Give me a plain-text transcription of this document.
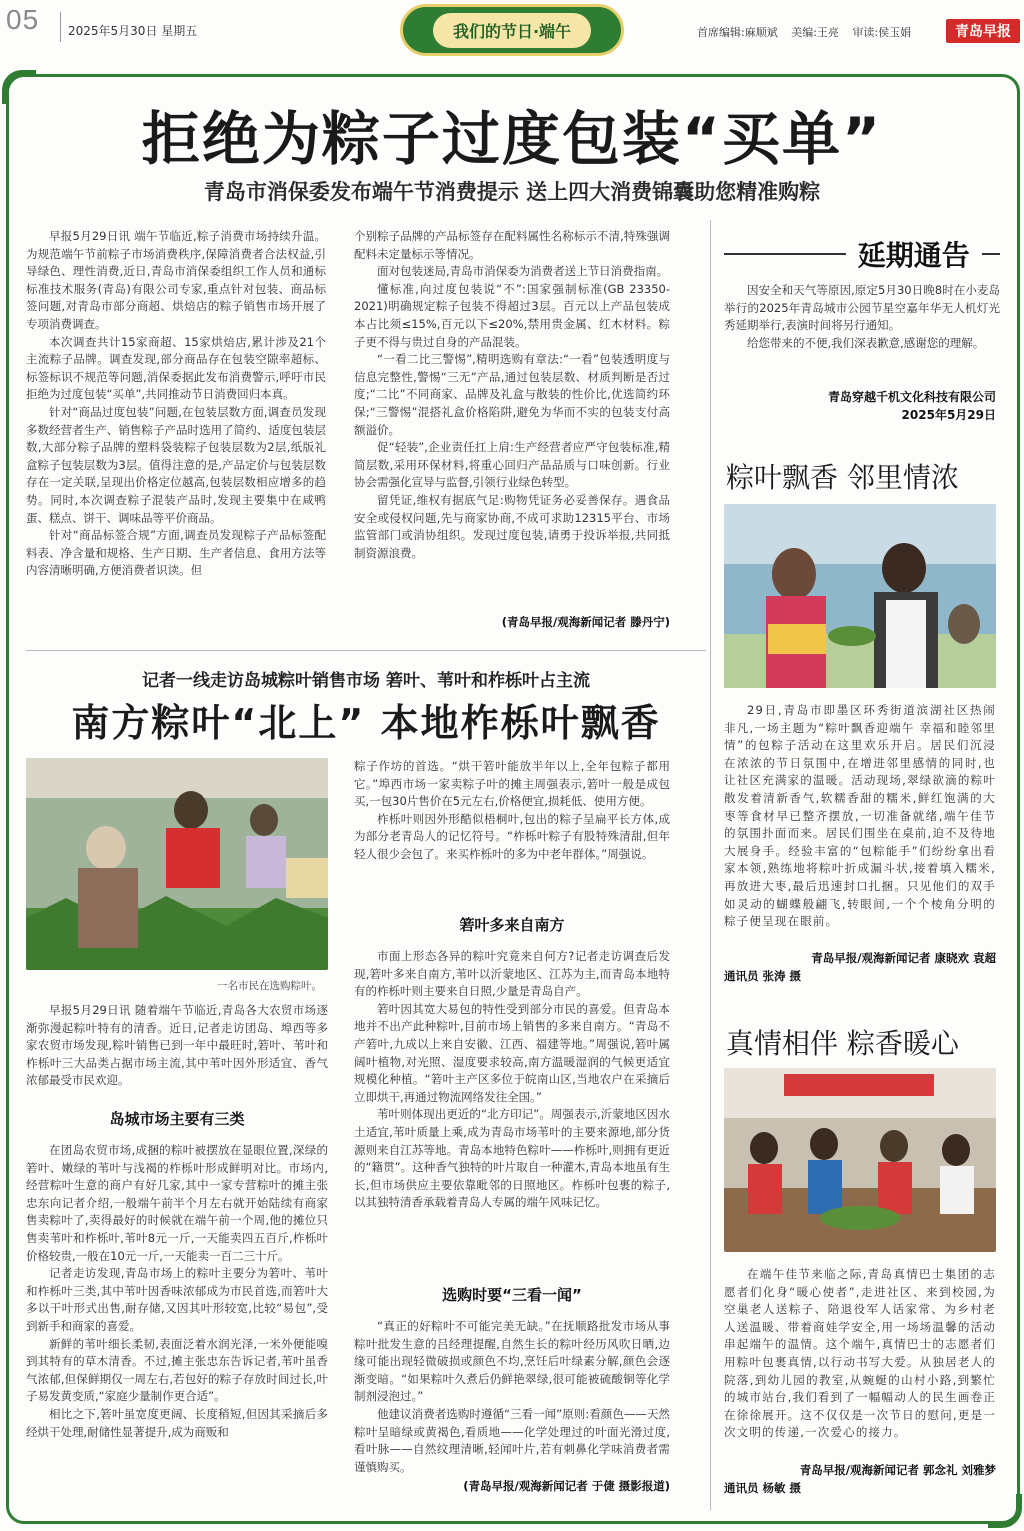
05 2025年5月30日 星期五	我们的节日·端午	首席编辑:麻顺斌 美编:王亮 审读:侯玉娟	青岛早报
拒绝为粽子过度包装“买单”
青岛市消保委发布端午节消费提示 送上四大消费锦囊助您精准购粽

早报5月29日讯 端午节临近,粽子消费市场持续升温。为规范端午节前粽子市场消费秩序,保障消费者合法权益,引导绿色、理性消费,近日,青岛市消保委组织工作人员和通标标准技术服务(青岛)有限公司专家,重点针对包装、商品标签问题,对青岛市部分商超、烘焙店的粽子销售市场开展了专项消费调查。

本次调查共计15家商超、15家烘焙店,累计涉及21个主流粽子品牌。调查发现,部分商品存在包装空隙率超标、标签标识不规范等问题,消保委据此发布消费警示,呼吁市民拒绝为过度包装“买单”,共同推动节日消费回归本真。

针对“商品过度包装”问题,在包装层数方面,调查员发现多数经营者生产、销售粽子产品时选用了简约、适度包装层数,大部分粽子品牌的塑料袋装粽子包装层数为2层,纸版礼盒粽子包装层数为3层。值得注意的是,产品定价与包装层数存在一定关联,呈现出价格定位越高,包装层数相应增多的趋势。同时,本次调查粽子混装产品时,发现主要集中在咸鸭蛋、糕点、饼干、调味品等平价商品。

针对“商品标签合规”方面,调查员发现粽子产品标签配料表、净含量和规格、生产日期、生产者信息、食用方法等内容清晰明确,方便消费者识读。但

个别粽子品牌的产品标签存在配料属性名称标示不清,特殊强调配料未定量标示等情况。

面对包装迷局,青岛市消保委为消费者送上节日消费指南。

懂标准,向过度包装说“不”:国家强制标准(GB 23350-2021)明确规定粽子包装不得超过3层。百元以上产品包装成本占比须≤15%,百元以下≤20%,禁用贵金属、红木材料。粽子更不得与贵过自身的产品混装。

“一看二比三警惕”,精明选购有章法:“一看”包装透明度与信息完整性,警惕“三无”产品,通过包装层数、材质判断是否过度;“二比”不同商家、品牌及礼盒与散装的性价比,优选简约环保;“三警惕”混搭礼盒价格陷阱,避免为华而不实的包装支付高额溢价。

促“轻装”,企业责任扛上肩:生产经营者应严守包装标准,精简层数,采用环保材料,将重心回归产品品质与口味创新。行业协会需强化宣导与监督,引领行业绿色转型。

留凭证,维权有据底气足:购物凭证务必妥善保存。遇食品安全或侵权问题,先与商家协商,不成可求助12315平台、市场监管部门或消协组织。发现过度包装,请勇于投诉举报,共同抵制资源浪费。

(青岛早报/观海新闻记者 滕丹宁)
延期通告

因安全和天气等原因,原定5月30日晚8时在小麦岛举行的2025年青岛城市公园节星空嘉年华无人机灯光秀延期举行,表演时间将另行通知。

给您带来的不便,我们深表歉意,感谢您的理解。

青岛穿越千机文化科技有限公司
2025年5月29日
粽叶飘香 邻里情浓

29日,青岛市即墨区环秀街道滨湖社区热闹非凡,一场主题为“粽叶飘香迎端午 幸福和睦邻里情”的包粽子活动在这里欢乐开启。居民们沉浸在浓浓的节日氛围中,在增进邻里感情的同时,也让社区充满家的温暖。活动现场,翠绿欲滴的粽叶散发着清新香气,软糯香甜的糯米,鲜红饱满的大枣等食材早已整齐摆放,一切准备就绪,端午佳节的氛围扑面而来。居民们围坐在桌前,迫不及待地大展身手。经验丰富的“包粽能手”们纷纷拿出看家本领,熟练地将粽叶折成漏斗状,接着填入糯米,再放进大枣,最后迅速封口扎捆。只见他们的双手如灵动的蝴蝶般翩飞,转眼间,一个个棱角分明的粽子便呈现在眼前。

青岛早报/观海新闻记者 康晓欢 袁超
通讯员 张涛 摄
真情相伴 粽香暖心

在端午佳节来临之际,青岛真情巴士集团的志愿者们化身“暖心使者”,走进社区、来到校园,为空巢老人送粽子、陪退役军人话家常、为乡村老人送温暖、带着商娃学安全,用一场场温馨的活动串起端午的温情。这个端午,真情巴士的志愿者们用粽叶包裹真情,以行动书写大爱。从独居老人的院落,到幼儿园的教室,从蜿蜒的山村小路,到繁忙的城市站台,我们看到了一幅幅动人的民生画卷正在徐徐展开。这不仅仅是一次节日的慰问,更是一次文明的传递,一次爱心的接力。

青岛早报/观海新闻记者 郭念礼 刘雅梦
通讯员 杨敏 摄
记者一线走访岛城粽叶销售市场 箬叶、苇叶和柞栎叶占主流
南方粽叶“北上” 本地柞栎叶飘香
一名市民在选购粽叶。

早报5月29日讯 随着端午节临近,青岛各大农贸市场逐渐弥漫起粽叶特有的清香。近日,记者走访团岛、埠西等多家农贸市场发现,粽叶销售已到一年中最旺时,箬叶、苇叶和柞栎叶三大品类占据市场主流,其中苇叶因外形适宜、香气浓郁最受市民欢迎。

岛城市场主要有三类

在团岛农贸市场,成捆的粽叶被摆放在显眼位置,深绿的箬叶、嫩绿的苇叶与浅褐的柞栎叶形成鲜明对比。市场内,经营粽叶生意的商户有好几家,其中一家专营粽叶的摊主张忠东向记者介绍,一般端午前半个月左右就开始陆续有商家售卖粽叶了,卖得最好的时候就在端午前一个周,他的摊位只售卖苇叶和柞栎叶,苇叶8元一斤,一天能卖四五百斤,柞栎叶价格较贵,一般在10元一斤,一天能卖一百二三十斤。

记者走访发现,青岛市场上的粽叶主要分为箬叶、苇叶和柞栎叶三类,其中苇叶因香味浓郁成为市民首选,而箬叶大多以干叶形式出售,耐存储,又因其叶形较宽,比较“易包”,受到新手和商家的喜爱。

新鲜的苇叶细长柔韧,表面泛着水润光泽,一米外便能嗅到其特有的草木清香。不过,摊主张忠东告诉记者,苇叶虽香气浓郁,但保鲜期仅一周左右,若包好的粽子存放时间过长,叶子易发黄变质,“家庭少量制作更合适”。

相比之下,箬叶虽宽度更阔、长度稍短,但因其采摘后多经烘干处理,耐储性显著提升,成为商贩和

粽子作坊的首选。“烘干箬叶能放半年以上,全年包粽子都用它。”埠西市场一家卖粽子叶的摊主周强表示,箬叶一般是成包买,一包30片售价在5元左右,价格便宜,损耗低、使用方便。

柞栎叶则因外形酷似梧桐叶,包出的粽子呈扁平长方体,成为部分老青岛人的记忆符号。“柞栎叶粽子有股特殊清甜,但年轻人很少会包了。来买柞栎叶的多为中老年群体。”周强说。

箬叶多来自南方

市面上形态各异的粽叶究竟来自何方?记者走访调查后发现,箬叶多来自南方,苇叶以沂蒙地区、江苏为主,而青岛本地特有的柞栎叶则主要来自日照,少量是青岛自产。

箬叶因其宽大易包的特性受到部分市民的喜爱。但青岛本地并不出产此种粽叶,目前市场上销售的多来自南方。“青岛不产箬叶,九成以上来自安徽、江西、福建等地。”周强说,箬叶属阔叶植物,对光照、湿度要求较高,南方温暖湿润的气候更适宜规模化种植。“箬叶主产区多位于皖南山区,当地农户在采摘后立即烘干,再通过物流网络发往全国。”

苇叶则体现出更近的“北方印记”。周强表示,沂蒙地区因水土适宜,苇叶质量上乘,成为青岛市场苇叶的主要来源地,部分货源则来自江苏等地。青岛本地特色粽叶——柞栎叶,则拥有更近的“籍贯”。这种香气独特的叶片取自一种灌木,青岛本地虽有生长,但市场供应主要依靠毗邻的日照地区。柞栎叶包裹的粽子,以其独特清香承载着青岛人专属的端午风味记忆。

选购时要“三看一闻”

“真正的好粽叶不可能完美无缺。”在抚顺路批发市场从事粽叶批发生意的吕经理提醒,自然生长的粽叶经历风吹日晒,边缘可能出现轻微破损或颜色不均,烹饪后叶绿素分解,颜色会逐渐变暗。“如果粽叶久煮后仍鲜艳翠绿,很可能被硫酸铜等化学制剂浸泡过。”

他建议消费者选购时遵循“三看一闻”原则:看颜色——天然粽叶呈暗绿或黄褐色,看质地——化学处理过的叶面光滑过度,看叶脉——自然纹理清晰,轻闻叶片,若有刺鼻化学味消费者需谨慎购买。

(青岛早报/观海新闻记者 于倢 摄影报道)
